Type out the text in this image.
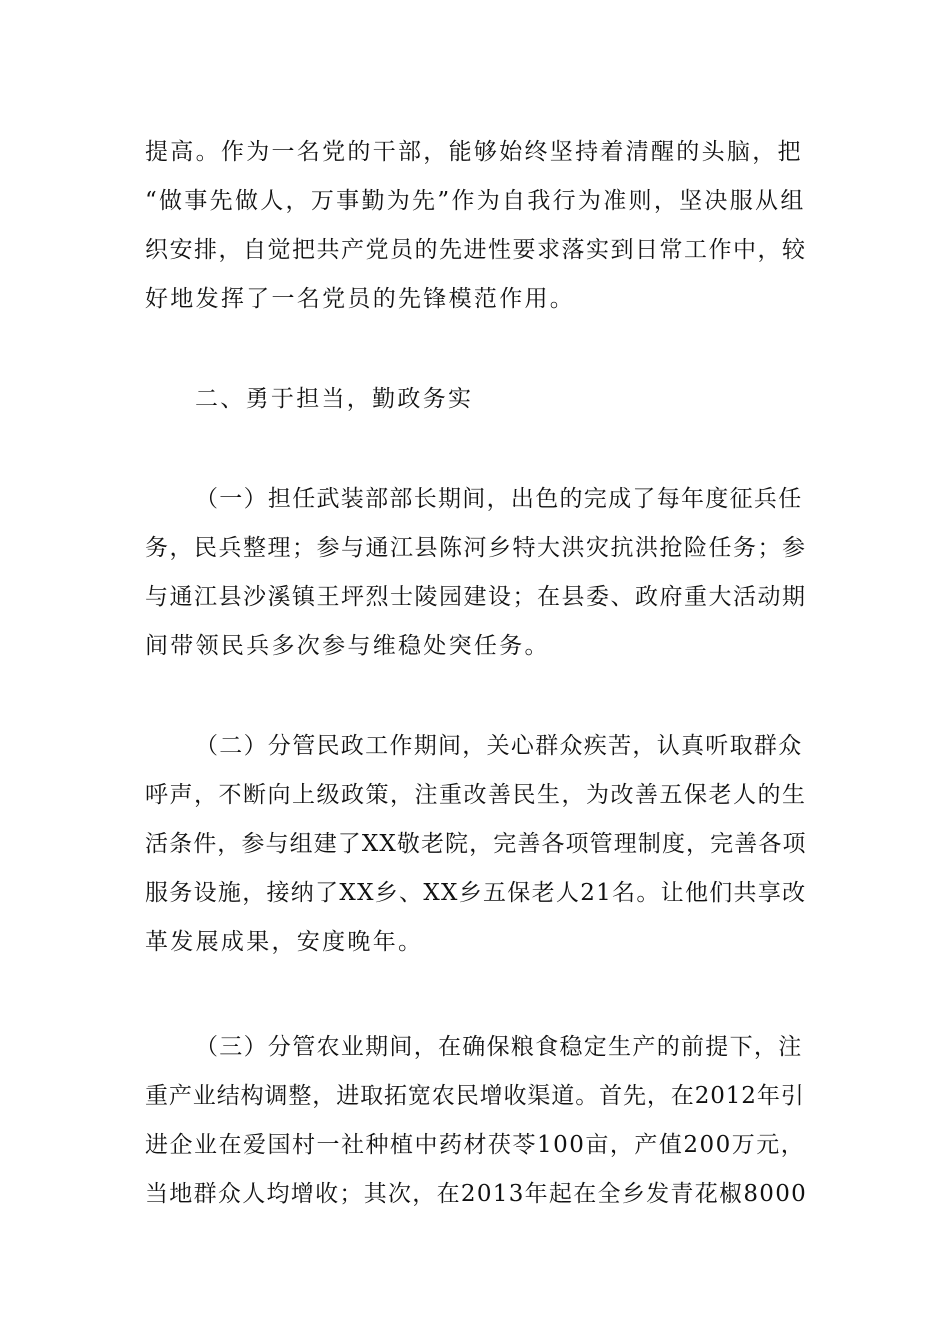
提高。作为一名党的干部，能够始终坚持着清醒的头脑，把
“做事先做人，万事勤为先”作为自我行为准则，坚决服从组
织安排，自觉把共产党员的先进性要求落实到日常工作中，较
好地发挥了一名党员的先锋模范作用。
二、勇于担当，勤政务实
（一）担任武装部部长期间，出色的完成了每年度征兵任
务，民兵整理；参与通江县陈河乡特大洪灾抗洪抢险任务；参
与通江县沙溪镇王坪烈士陵园建设；在县委、政府重大活动期
间带领民兵多次参与维稳处突任务。
（二）分管民政工作期间，关心群众疾苦，认真听取群众
呼声，不断向上级政策，注重改善民生，为改善五保老人的生
活条件，参与组建了XX敬老院，完善各项管理制度，完善各项
服务设施，接纳了XX乡、XX乡五保老人21名。让他们共享改
革发展成果，安度晚年。
（三）分管农业期间，在确保粮食稳定生产的前提下，注
重产业结构调整，进取拓宽农民增收渠道。首先，在2012年引
进企业在爱国村一社种植中药材茯苓100亩，产值200万元，
当地群众人均增收；其次，在2013年起在全乡发青花椒8000
